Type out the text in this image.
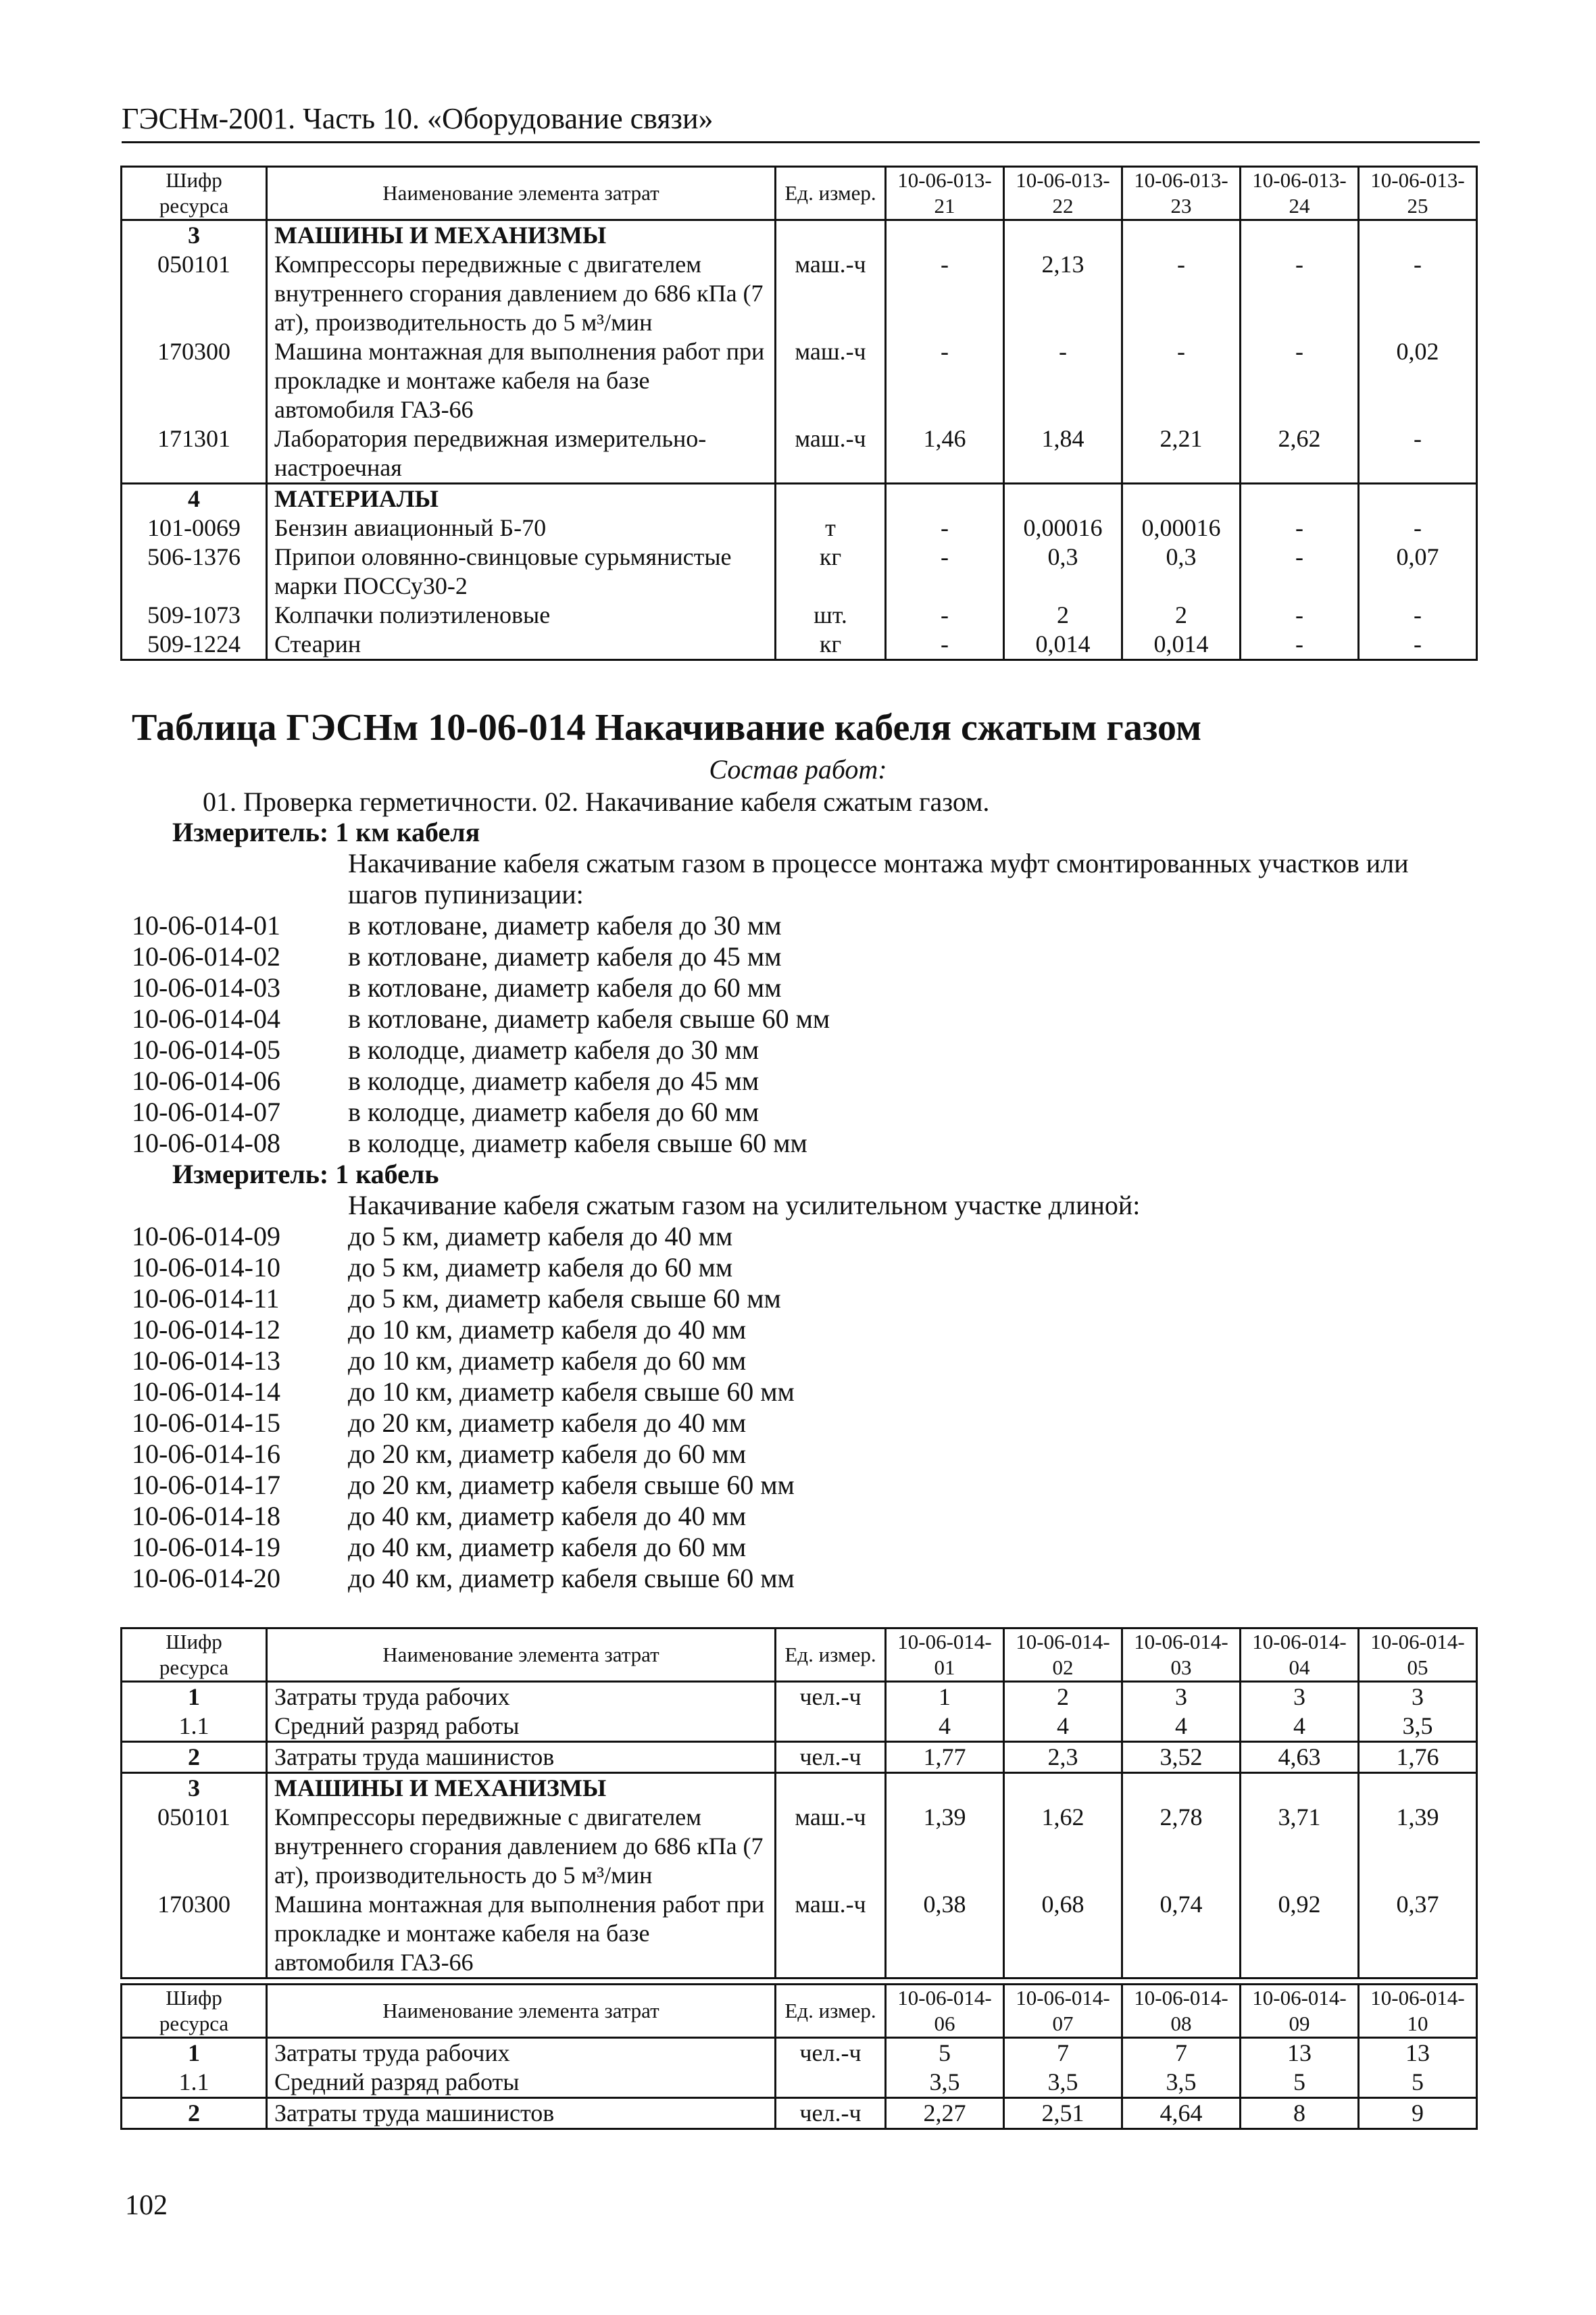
ГЭСНм-2001. Часть 10. «Оборудование связи»
Шифр ресурса	Наименование элемента затрат	Ед. измер.	10-06-013-21	10-06-013-22	10-06-013-23	10-06-013-24	10-06-013-25
3	МАШИНЫ И МЕХАНИЗМЫ						
050101	Компрессоры передвижные с двигателем внутреннего сгорания давлением до 686 кПа (7 ат), производительность до 5 м³/мин	маш.-ч	-	2,13	-	-	-
170300	Машина монтажная для выполнения работ при прокладке и монтаже кабеля на базе автомобиля ГАЗ-66	маш.-ч	-	-	-	-	0,02
171301	Лаборатория передвижная измерительно-настроечная	маш.-ч	1,46	1,84	2,21	2,62	-
4	МАТЕРИАЛЫ						
101-0069	Бензин авиационный Б-70	т	-	0,00016	0,00016	-	-
506-1376	Припои оловянно-свинцовые сурьмянистые марки ПОССу30-2	кг	-	0,3	0,3	-	0,07
509-1073	Колпачки полиэтиленовые	шт.	-	2	2	-	-
509-1224	Стеарин	кг	-	0,014	0,014	-	-
Таблица ГЭСНм 10-06-014 Накачивание кабеля сжатым газом
Состав работ:
01. Проверка герметичности. 02. Накачивание кабеля сжатым газом.
Измеритель: 1 км кабеля
Накачивание кабеля сжатым газом в процессе монтажа муфт смонтированных участков или
шагов пупинизации:
10-06-014-01	в котловане, диаметр кабеля до 30 мм
10-06-014-02	в котловане, диаметр кабеля до 45 мм
10-06-014-03	в котловане, диаметр кабеля до 60 мм
10-06-014-04	в котловане, диаметр кабеля свыше 60 мм
10-06-014-05	в колодце, диаметр кабеля до 30 мм
10-06-014-06	в колодце, диаметр кабеля до 45 мм
10-06-014-07	в колодце, диаметр кабеля до 60 мм
10-06-014-08	в колодце, диаметр кабеля свыше 60 мм
Измеритель: 1 кабель
Накачивание кабеля сжатым газом на усилительном участке длиной:
10-06-014-09	до 5 км, диаметр кабеля до 40 мм
10-06-014-10	до 5 км, диаметр кабеля до 60 мм
10-06-014-11	до 5 км, диаметр кабеля свыше 60 мм
10-06-014-12	до 10 км, диаметр кабеля до 40 мм
10-06-014-13	до 10 км, диаметр кабеля до 60 мм
10-06-014-14	до 10 км, диаметр кабеля свыше 60 мм
10-06-014-15	до 20 км, диаметр кабеля до 40 мм
10-06-014-16	до 20 км, диаметр кабеля до 60 мм
10-06-014-17	до 20 км, диаметр кабеля свыше 60 мм
10-06-014-18	до 40 км, диаметр кабеля до 40 мм
10-06-014-19	до 40 км, диаметр кабеля до 60 мм
10-06-014-20	до 40 км, диаметр кабеля свыше 60 мм
Шифр ресурса	Наименование элемента затрат	Ед. измер.	10-06-014-01	10-06-014-02	10-06-014-03	10-06-014-04	10-06-014-05
1	Затраты труда рабочих	чел.-ч	1	2	3	3	3
1.1	Средний разряд работы		4	4	4	4	3,5
2	Затраты труда машинистов	чел.-ч	1,77	2,3	3,52	4,63	1,76
3	МАШИНЫ И МЕХАНИЗМЫ						
050101	Компрессоры передвижные с двигателем внутреннего сгорания давлением до 686 кПа (7 ат), производительность до 5 м³/мин	маш.-ч	1,39	1,62	2,78	3,71	1,39
170300	Машина монтажная для выполнения работ при прокладке и монтаже кабеля на базе автомобиля ГАЗ-66	маш.-ч	0,38	0,68	0,74	0,92	0,37
Шифр ресурса	Наименование элемента затрат	Ед. измер.	10-06-014-06	10-06-014-07	10-06-014-08	10-06-014-09	10-06-014-10
1	Затраты труда рабочих	чел.-ч	5	7	7	13	13
1.1	Средний разряд работы		3,5	3,5	3,5	5	5
2	Затраты труда машинистов	чел.-ч	2,27	2,51	4,64	8	9
102
